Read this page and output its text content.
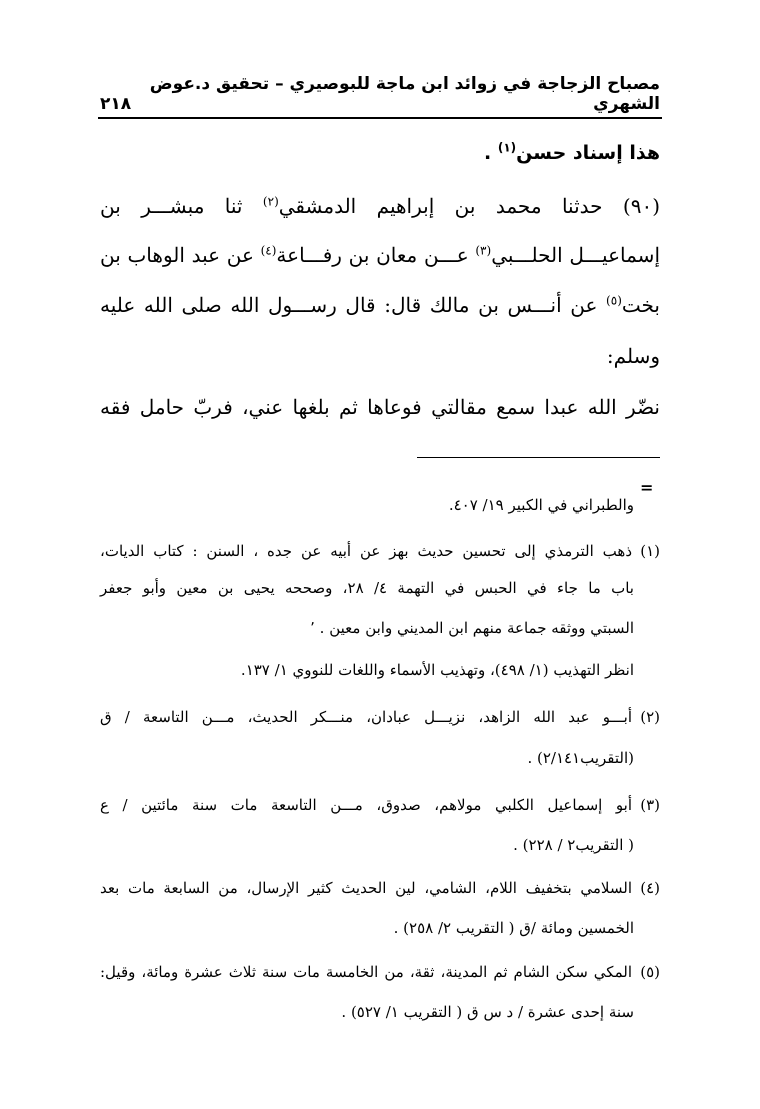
مصباح الزجاجة في زوائد ابن ماجة للبوصيري – تحقيق د.عوض الشهري
٢١٨
هذا إسناد حسن$^{(١)}$ .
(٩٠) حدثنا محمد بن إبراهيم الدمشقي$^{(٢)}$ ثنا مبشـــر بن
إسماعيـــل الحلـــبي$^{(٣)}$ عـــن معان بن رفـــاعة$^{(٤)}$ عن عبد الوهاب بن
بخت$^{(٥)}$ عن أنـــس بن مالك قال: قال رســـول الله صلى الله عليه
وسلم:
نضّر الله عبدا سمع مقالتي فوعاها ثم بلغها عني، فربّ حامل فقه
=
والطبراني في الكبير ١٩/ ٤٠٧.
(١)ذهب الترمذي إلى تحسين حديث بهز عن أبيه عن جده ، السنن : كتاب الديات،
باب ما جاء في الحبس في التهمة ٤/ ٢٨، وصححه يحيى بن معين وأبو جعفر
السبتي ووثقه جماعة منهم ابن المديني وابن معين . ٬
انظر التهذيب (١/ ٤٩٨)، وتهذيب الأسماء واللغات للنووي ١/ ١٣٧.
(٢)أبـــو عبد الله الزاهد، نزيـــل عبادان، منـــكر الحديث، مـــن التاسعة / ق
(التقريب٢/١٤١) .
(٣)أبو إسماعيل الكلبي مولاهم، صدوق، مـــن التاسعة مات سنة مائتين / ع
( التقريب٢ / ٢٢٨) .
(٤)السلامي بتخفيف اللام، الشامي، لين الحديث كثير الإرسال، من السابعة مات بعد
الخمسين ومائة /ق ( التقريب ٢/ ٢٥٨) .
(٥)المكي سكن الشام ثم المدينة، ثقة، من الخامسة مات سنة ثلاث عشرة ومائة، وقيل:
سنة إحدى عشرة / د س ق ( التقريب ١/ ٥٢٧) .
